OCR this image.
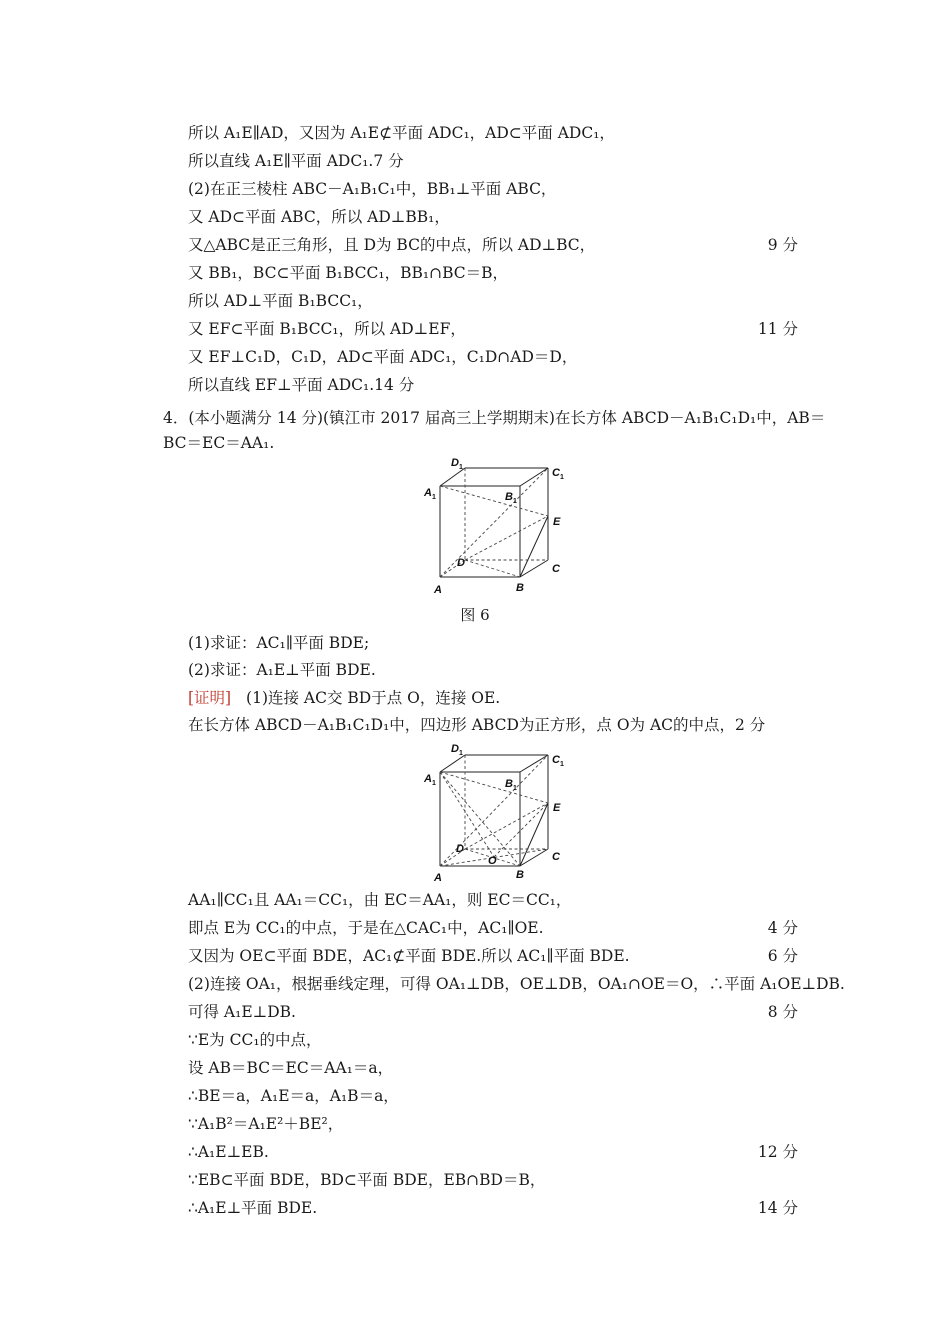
所以 A₁E∥AD，又因为 A₁E⊄平面 ADC₁，AD⊂平面 ADC₁，
所以直线 A₁E∥平面 ADC₁.7 分
(2)在正三棱柱 ABC－A₁B₁C₁中，BB₁⊥平面 ABC，
又 AD⊂平面 ABC，所以 AD⊥BB₁，
又△ABC是正三角形，且 D为 BC的中点，所以 AD⊥BC，	9 分
又 BB₁，BC⊂平面 B₁BCC₁，BB₁∩BC＝B，
所以 AD⊥平面 B₁BCC₁，
又 EF⊂平面 B₁BCC₁，所以 AD⊥EF，	11 分
又 EF⊥C₁D，C₁D，AD⊂平面 ADC₁，C₁D∩AD＝D，
所以直线 EF⊥平面 ADC₁.14 分
4．(本小题满分 14 分)(镇江市 2017 届高三上学期期末)在长方体 ABCD－A₁B₁C₁D₁中，AB＝
BC＝EC＝AA₁.
D 1	C 1
A 1	B 1
E
D	C
A	B
图 6
(1)求证：AC₁∥平面 BDE;
(2)求证：A₁E⊥平面 BDE.
[证明] (1)连接 AC交 BD于点 O，连接 OE.
在长方体 ABCD－A₁B₁C₁D₁中，四边形 ABCD为正方形，点 O为 AC的中点，2 分
D 1
C 1
A 1	B 1
E
D
O	C
A	B
AA₁∥CC₁且 AA₁＝CC₁，由 EC＝AA₁，则 EC＝CC₁，
即点 E为 CC₁的中点，于是在△CAC₁中，AC₁∥OE.	4 分
又因为 OE⊂平面 BDE，AC₁⊄平面 BDE.所以 AC₁∥平面 BDE.	6 分
(2)连接 OA₁，根据垂线定理，可得 OA₁⊥DB，OE⊥DB，OA₁∩OE＝O，∴平面 A₁OE⊥DB.
可得 A₁E⊥DB.	8 分
∵E为 CC₁的中点，
设 AB＝BC＝EC＝AA₁＝a，
∴BE＝a，A₁E＝a，A₁B＝a，
∵A₁B²＝A₁E²＋BE²，
∴A₁E⊥EB.	12 分
∵EB⊂平面 BDE，BD⊂平面 BDE，EB∩BD＝B，
∴A₁E⊥平面 BDE.	14 分
